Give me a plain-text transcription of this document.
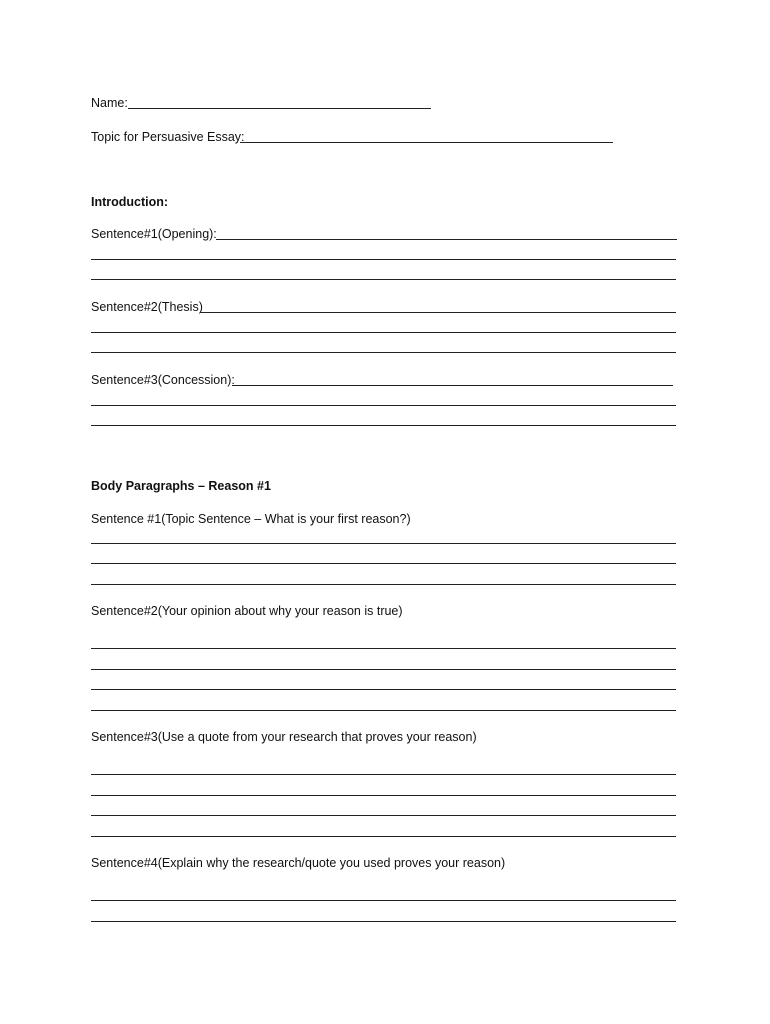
Name:
Topic for Persuasive Essay:
Introduction:
Sentence#1(Opening):
Sentence#2(Thesis)
Sentence#3(Concession):
Body Paragraphs – Reason #1
Sentence #1(Topic Sentence – What is your first reason?)
Sentence#2(Your opinion about why your reason is true)
Sentence#3(Use a quote from your research that proves your reason)
Sentence#4(Explain why the research/quote you used proves your reason)
